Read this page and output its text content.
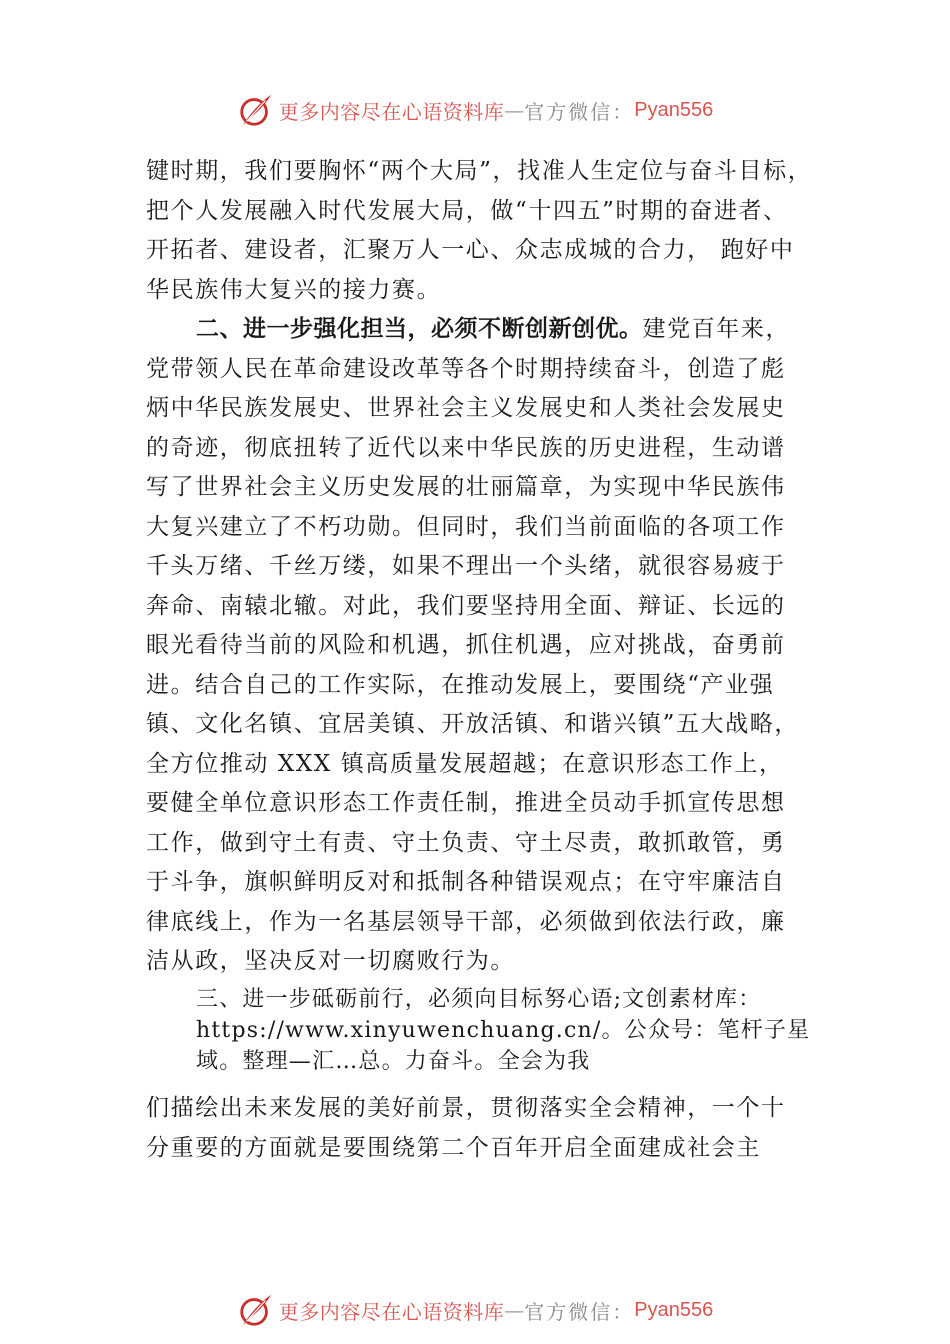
更多内容尽在心语资料库 — 官方微信： Pyan556
键时期，我们要胸怀“两个大局”，找准人生定位与奋斗目标，
把个人发展融入时代发展大局，做“十四五”时期的奋进者、
开拓者、建设者，汇聚万人一心、众志成城的合力， 跑好中
华民族伟大复兴的接力赛。
二、进一步强化担当，必须不断创新创优。建党百年来，
党带领人民在革命建设改革等各个时期持续奋斗，创造了彪
炳中华民族发展史、世界社会主义发展史和人类社会发展史
的奇迹，彻底扭转了近代以来中华民族的历史进程，生动谱
写了世界社会主义历史发展的壮丽篇章，为实现中华民族伟
大复兴建立了不朽功勋。但同时，我们当前面临的各项工作
千头万绪、千丝万缕，如果不理出一个头绪，就很容易疲于
奔命、南辕北辙。对此，我们要坚持用全面、辩证、长远的
眼光看待当前的风险和机遇，抓住机遇，应对挑战，奋勇前
进。结合自己的工作实际，在推动发展上，要围绕“产业强
镇、文化名镇、宜居美镇、开放活镇、和谐兴镇”五大战略，
全方位推动 XXX 镇高质量发展超越；在意识形态工作上，
要健全单位意识形态工作责任制，推进全员动手抓宣传思想
工作，做到守土有责、守土负责、守土尽责，敢抓敢管，勇
于斗争，旗帜鲜明反对和抵制各种错误观点；在守牢廉洁自
律底线上，作为一名基层领导干部，必须做到依法行政，廉
洁从政，坚决反对一切腐败行为。
三、进一步砥砺前行，必须向目标努心语;文创素材库：
https://www.xinyuwenchuang.cn/。公众号：笔杆子星
域。整理—汇…总。力奋斗。全会为我
们描绘出未来发展的美好前景，贯彻落实全会精神，一个十
分重要的方面就是要围绕第二个百年开启全面建成社会主
更多内容尽在心语资料库 — 官方微信： Pyan556
